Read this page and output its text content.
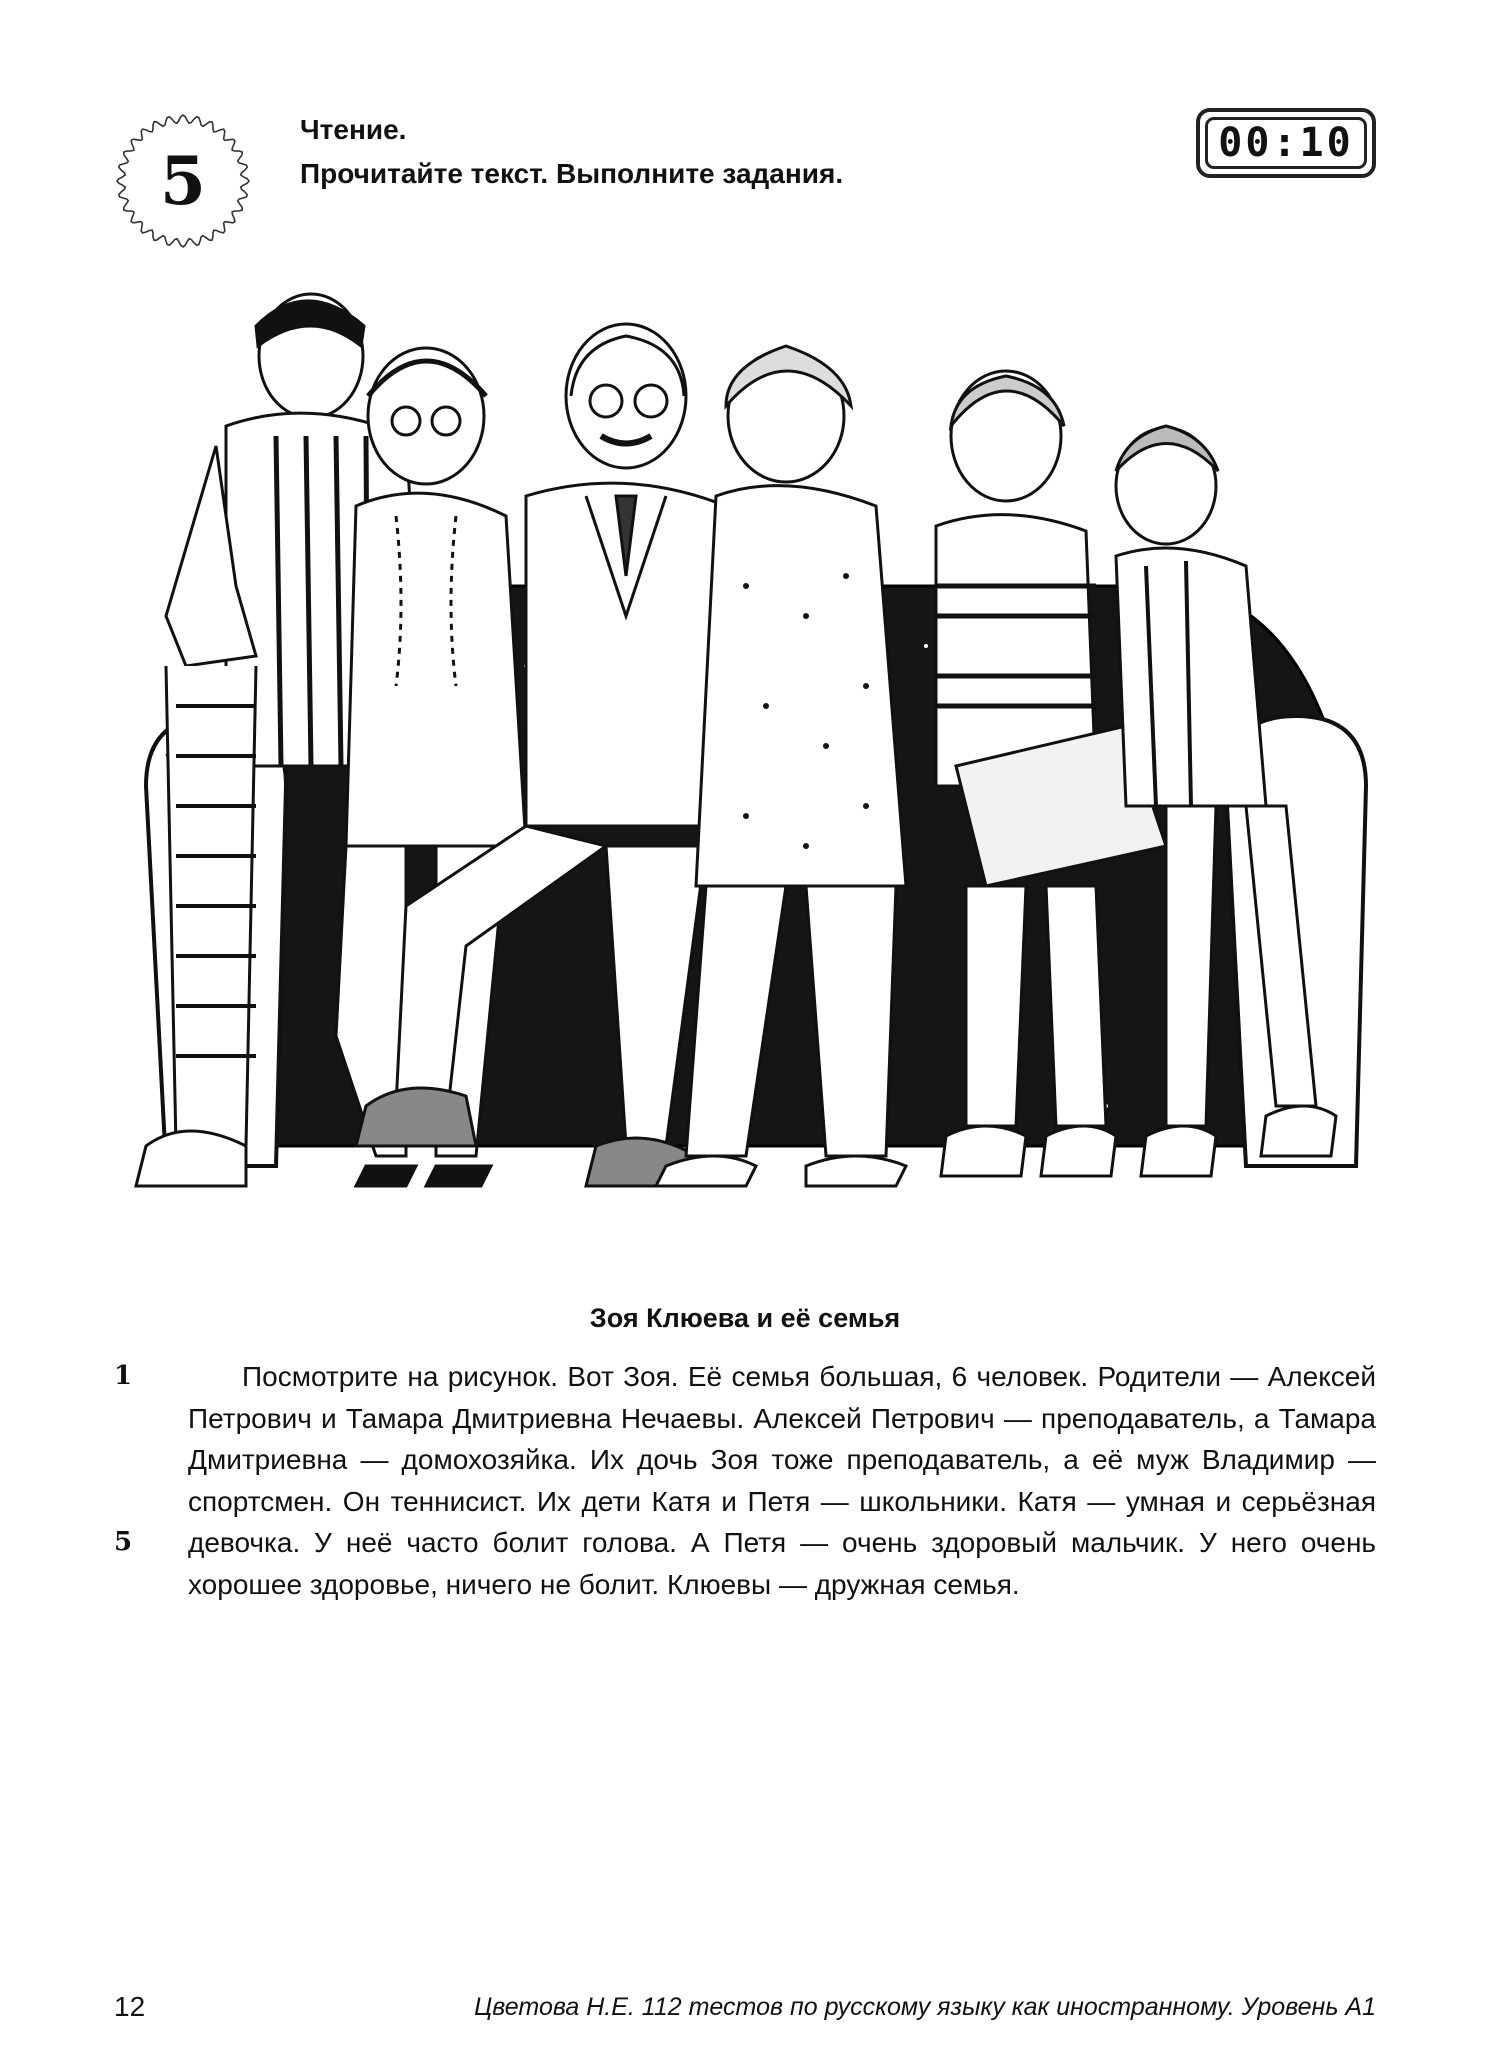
5
Чтение.
Прочитайте текст. Выполните задания.
00:10
Зоя Клюева и её семья
1
5
Посмотрите на рисунок. Вот Зоя. Её семья большая, 6 человек. Родители — Алексей Петрович и Тамара Дмитриевна Нечаевы. Алексей Петрович — преподаватель, а Тамара Дмитриевна — домохозяйка. Их дочь Зоя тоже преподаватель, а её муж Владимир — спортсмен. Он теннисист. Их дети Катя и Петя — школьники. Катя — умная и серьёзная девочка. У неё часто болит голова. А Петя — очень здоровый мальчик. У него очень хорошее здоровье, ничего не болит. Клюевы — дружная семья.
12	Цветова Н.Е. 112 тестов по русскому языку как иностранному. Уровень А1
